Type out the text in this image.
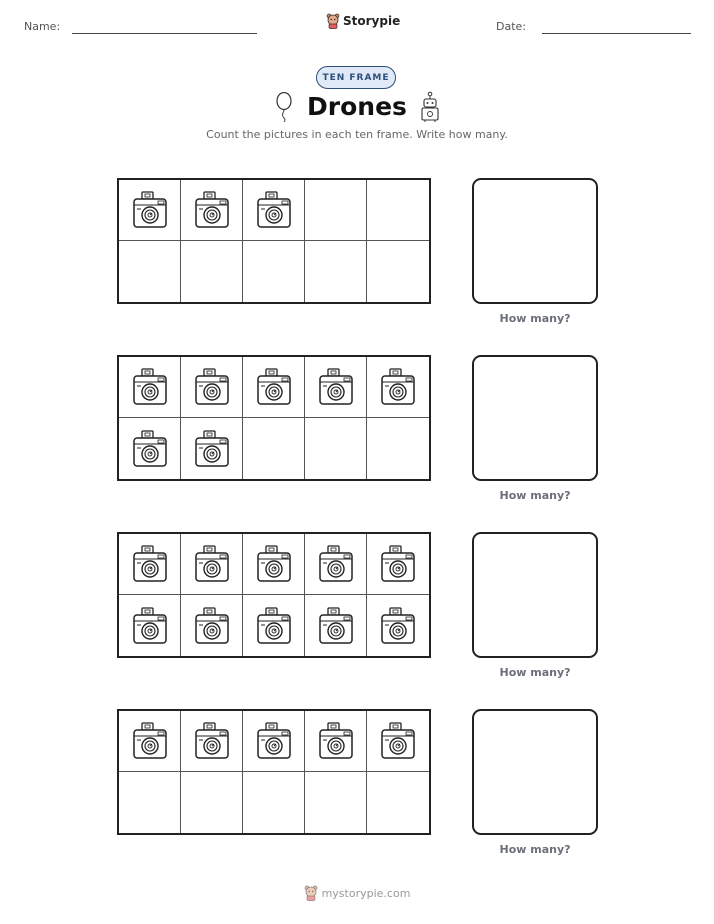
Name:	Storypie	Date:
TEN FRAME
Drones
Count the pictures in each ten frame. Write how many.
How many?
How many?
How many?
How many?
mystorypie.com
